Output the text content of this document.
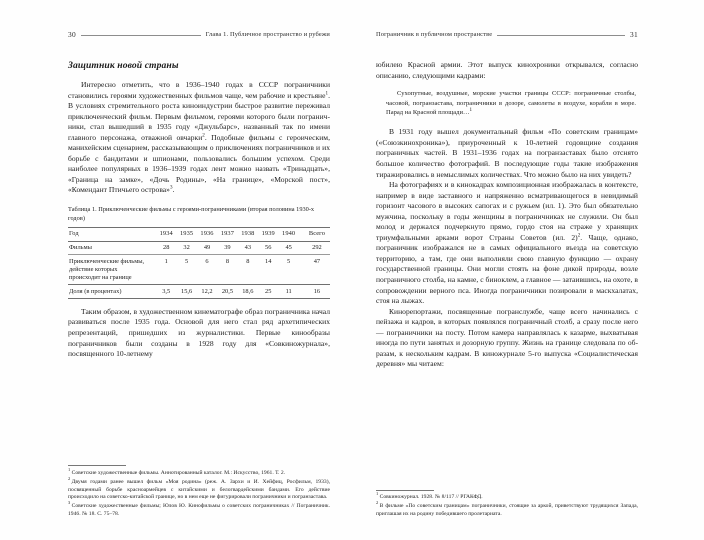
30	Глава 1. Публичное пространство и рубежи
Защитник новой страны

Интересно отметить, что в 1936–1940 годах в СССР пограничники становились героями художественных фильмов чаще, чем рабочие и крестьяне$^1$. В условиях стремительного роста киноиндустрии быстрое развитие переживал приключенческий фильм. Первым фильмом, героями которого были пограничники, стал вышедший в 1935 году «Джульбарс», названный так по имени главного персонажа, отважной овчарки$^2$. Подобные фильмы с героическим, манихейским сценарием, рассказывающим о приключениях пограничников и их борьбе с бандитами и шпионами, пользовались большим успехом. Среди наиболее популярных в 1936–1939 годах лент можно назвать «Тринадцать», «Граница на замке», «Дочь Родины», «На границе», «Морской пост», «Комендант Птичьего острова»$^3$.

Таблица 1. Приключенческие фильмы с героями-пограничниками (вторая половина 1930-х годов)
Год	1934	1935	1936	1937	1938	1939	1940	Всего
Фильмы	28	32	49	39	43	56	45	292

Приключенческие фильмы, действие которых происходит на границе	1	5	6	8	8	14	5	47
Доля (в процентах)	3,5	15,6	12,2	20,5	18,6	25	11	16

Таким образом, в художественном кинематографе образ пограничника начал развиваться после 1935 года. Основой для него стал ряд архетипических репрезентаций, пришедших из журналистики. Первые кинообразы пограничников были созданы в 1928 году для «Совкиножурнала», посвященного 10-летнему

$^1$Советские художественные фильмы. Аннотированный каталог. М.: Искусство, 1961. Т. 2.

$^2$Двумя годами ранее вышел фильм «Моя родина» (реж. А. Зархи и И. Хейфиц, Росфильм, 1933), посвященный борьбе красноармейцев с китайскими и белогвардейскими бандами. Его действие происходило на советско-китайской границе, но в нем еще не фигурировали пограничники и погранзастава.

$^3$Советские художественные фильмы; Юлов Ю. Кинофильмы о советских пограничниках // Пограничник. 1946. № 18. С. 75–78.

Пограничник в публичном пространстве	31

юбилею Красной армии. Этот выпуск кинохроники открывался, согласно описанию, следующими кадрами:

Сухопутные, воздушные, морские участки границы СССР: пограничные столбы, часовой, погранзастава, пограничники в дозоре, самолеты в воздухе, корабли в море. Парад на Красной площади…$^1$

В 1931 году вышел документальный фильм «По советским границам» («Союзкинохроника»), приуроченный к 10-летней годовщине создания пограничных частей. В 1931–1936 годах на погранзаставах было отснято большое количество фотографий. В последующие годы такие изображения тиражировались в немыслимых количествах. Что можно было на них увидеть?

На фотографиях и в кинокадрах композиционная изображалась в контексте, например в виде заставного и напряженно всматривающегося в невидимый горизонт часового в высоких сапогах и с ружьем (ил. 1). Это был обязательно мужчина, поскольку в годы женщины в пограничниках не служили. Он был молод и держался подчеркнуто прямо, гордо стоя на страже у хранящих триумфальными арками ворот Страны Советов (ил. 2)$^2$. Чаще, однако, пограничник изображался не в самых официального въезда на советскую территорию, а там, где они выполняли свою главную функцию — охрану государственной границы. Они могли стоять на фоне дикой природы, возле пограничного столба, на камне, с биноклем, а главное — затаившись, на охоте, в сопровождении верного пса. Иногда пограничники позировали в маскхалатах, стоя на лыжах.

Кинорепортажи, посвященные погранслужбе, чаще всего начинались с пейзажа и кадров, в которых появлялся пограничный столб, а сразу после него — пограничники на посту. Потом камера направлялась к казарме, выхватывая иногда по пути занятых и дозорную группу. Жизнь на границе следовала по образам, к нескольким кадрам. В киножурнале 5-го выпуска «Социалистическая деревня» мы читаем:

$^1$Совкиножурнал. 1928. № 8/117 // РГАКФД.

$^2$В фильме «По советским границам» пограничники, стоящие за аркой, приветствуют трудящихся Запада, приглашая их на родину победившего пролетариата.
